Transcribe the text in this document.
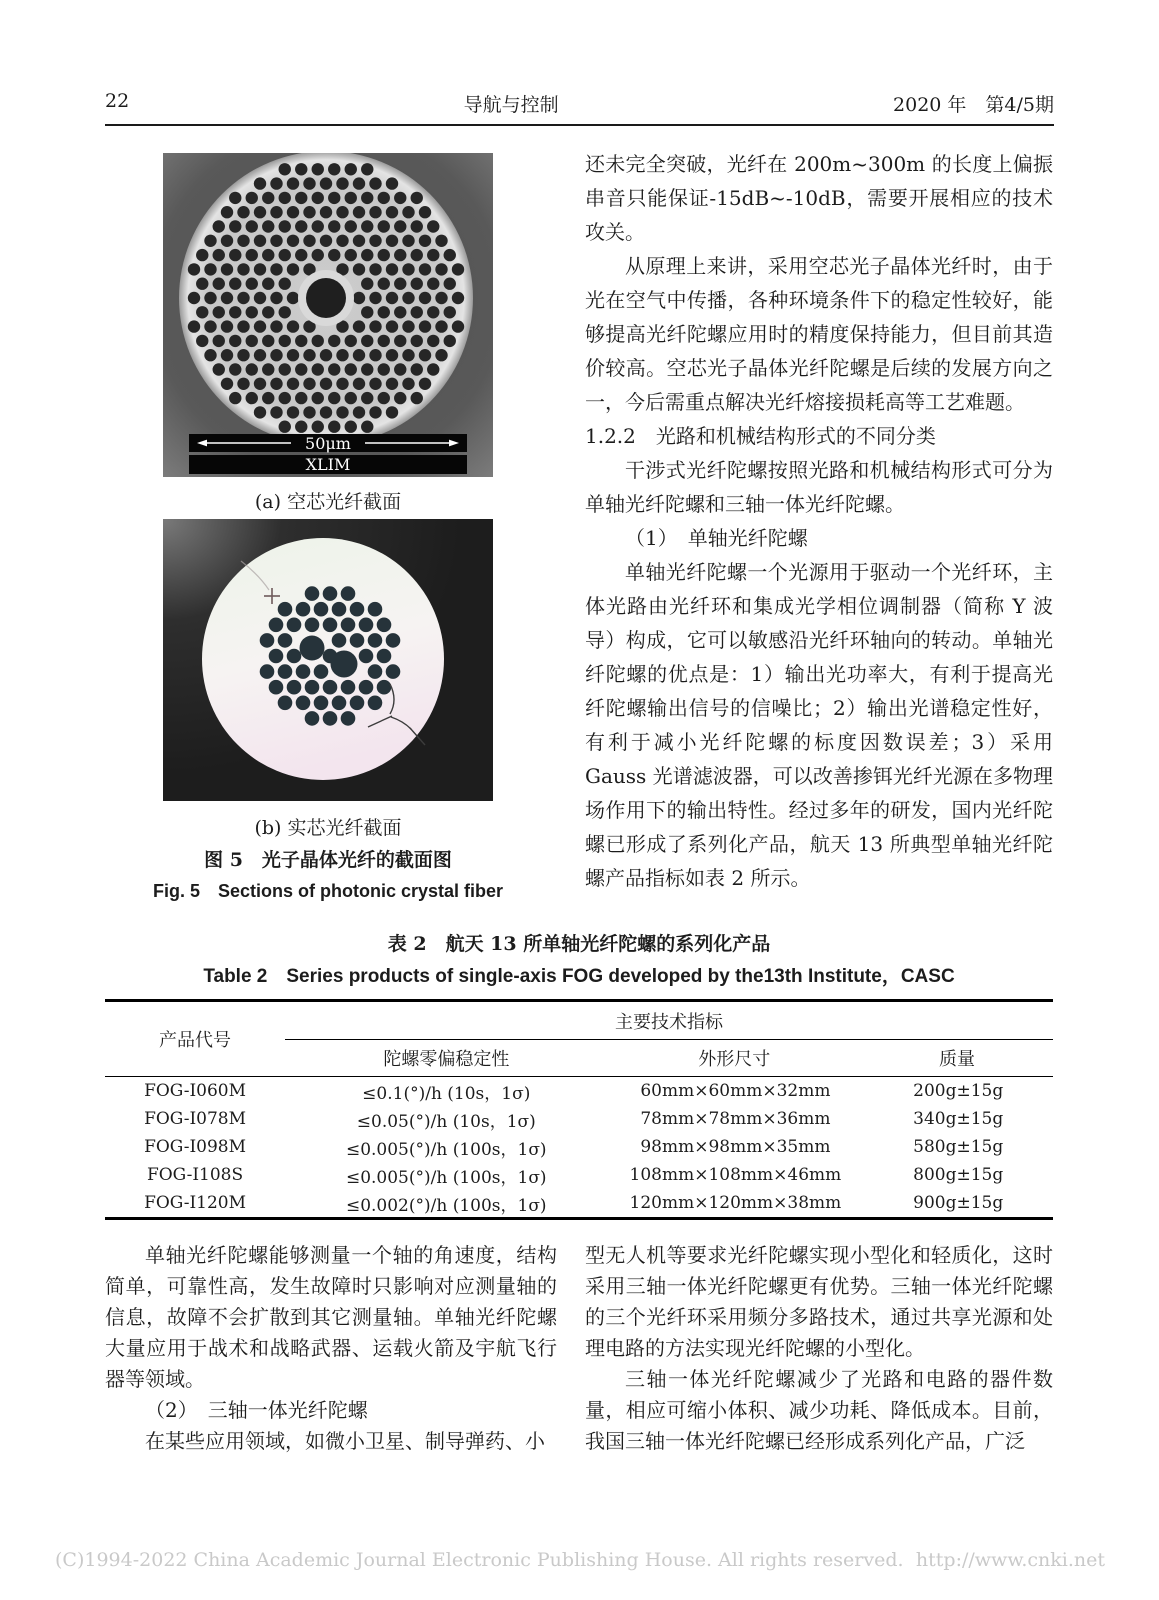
22	导航与控制	2020 年　第4/5期
50μm
XLIM
(a) 空芯光纤截面
(b) 实芯光纤截面
图 5　光子晶体光纤的截面图
Fig. 5　Sections of photonic crystal fiber

还未完全突破，光纤在 200m~300m 的长度上偏振串音只能保证-15dB~-10dB，需要开展相应的技术攻关。

从原理上来讲，采用空芯光子晶体光纤时，由于光在空气中传播，各种环境条件下的稳定性较好，能够提高光纤陀螺应用时的精度保持能力，但目前其造价较高。空芯光子晶体光纤陀螺是后续的发展方向之一，今后需重点解决光纤熔接损耗高等工艺难题。

1.2.2　光路和机械结构形式的不同分类

干涉式光纤陀螺按照光路和机械结构形式可分为单轴光纤陀螺和三轴一体光纤陀螺。

（1）　单轴光纤陀螺

单轴光纤陀螺一个光源用于驱动一个光纤环，主体光路由光纤环和集成光学相位调制器（简称 Y 波导）构成，它可以敏感沿光纤环轴向的转动。单轴光纤陀螺的优点是：1）输出光功率大，有利于提高光纤陀螺输出信号的信噪比；2）输出光谱稳定性好，有利于减小光纤陀螺的标度因数误差；3）采用 Gauss 光谱滤波器，可以改善掺铒光纤光源在多物理场作用下的输出特性。经过多年的研发，国内光纤陀螺已形成了系列化产品，航天 13 所典型单轴光纤陀螺产品指标如表 2 所示。

表 2　航天 13 所单轴光纤陀螺的系列化产品
Table 2　Series products of single-axis FOG developed by the13th Institute，CASC
产品代号
主要技术指标
陀螺零偏稳定性	外形尺寸	质量
FOG-I060M	≤0.1(°)/h (10s，1σ)	60mm×60mm×32mm	200g±15g
FOG-I078M	≤0.05(°)/h (10s，1σ)	78mm×78mm×36mm	340g±15g
FOG-I098M	≤0.005(°)/h (100s，1σ)	98mm×98mm×35mm	580g±15g
FOG-I108S	≤0.005(°)/h (100s，1σ)	108mm×108mm×46mm	800g±15g
FOG-I120M	≤0.002(°)/h (100s，1σ)	120mm×120mm×38mm	900g±15g

单轴光纤陀螺能够测量一个轴的角速度，结构简单，可靠性高，发生故障时只影响对应测量轴的信息，故障不会扩散到其它测量轴。单轴光纤陀螺大量应用于战术和战略武器、运载火箭及宇航飞行器等领域。

（2）　三轴一体光纤陀螺

在某些应用领域，如微小卫星、制导弹药、小

型无人机等要求光纤陀螺实现小型化和轻质化，这时采用三轴一体光纤陀螺更有优势。三轴一体光纤陀螺的三个光纤环采用频分多路技术，通过共享光源和处理电路的方法实现光纤陀螺的小型化。

三轴一体光纤陀螺减少了光路和电路的器件数量，相应可缩小体积、减少功耗、降低成本。目前，我国三轴一体光纤陀螺已经形成系列化产品，广泛

(C)1994-2022 China Academic Journal Electronic Publishing House. All rights reserved. http://www.cnki.net
